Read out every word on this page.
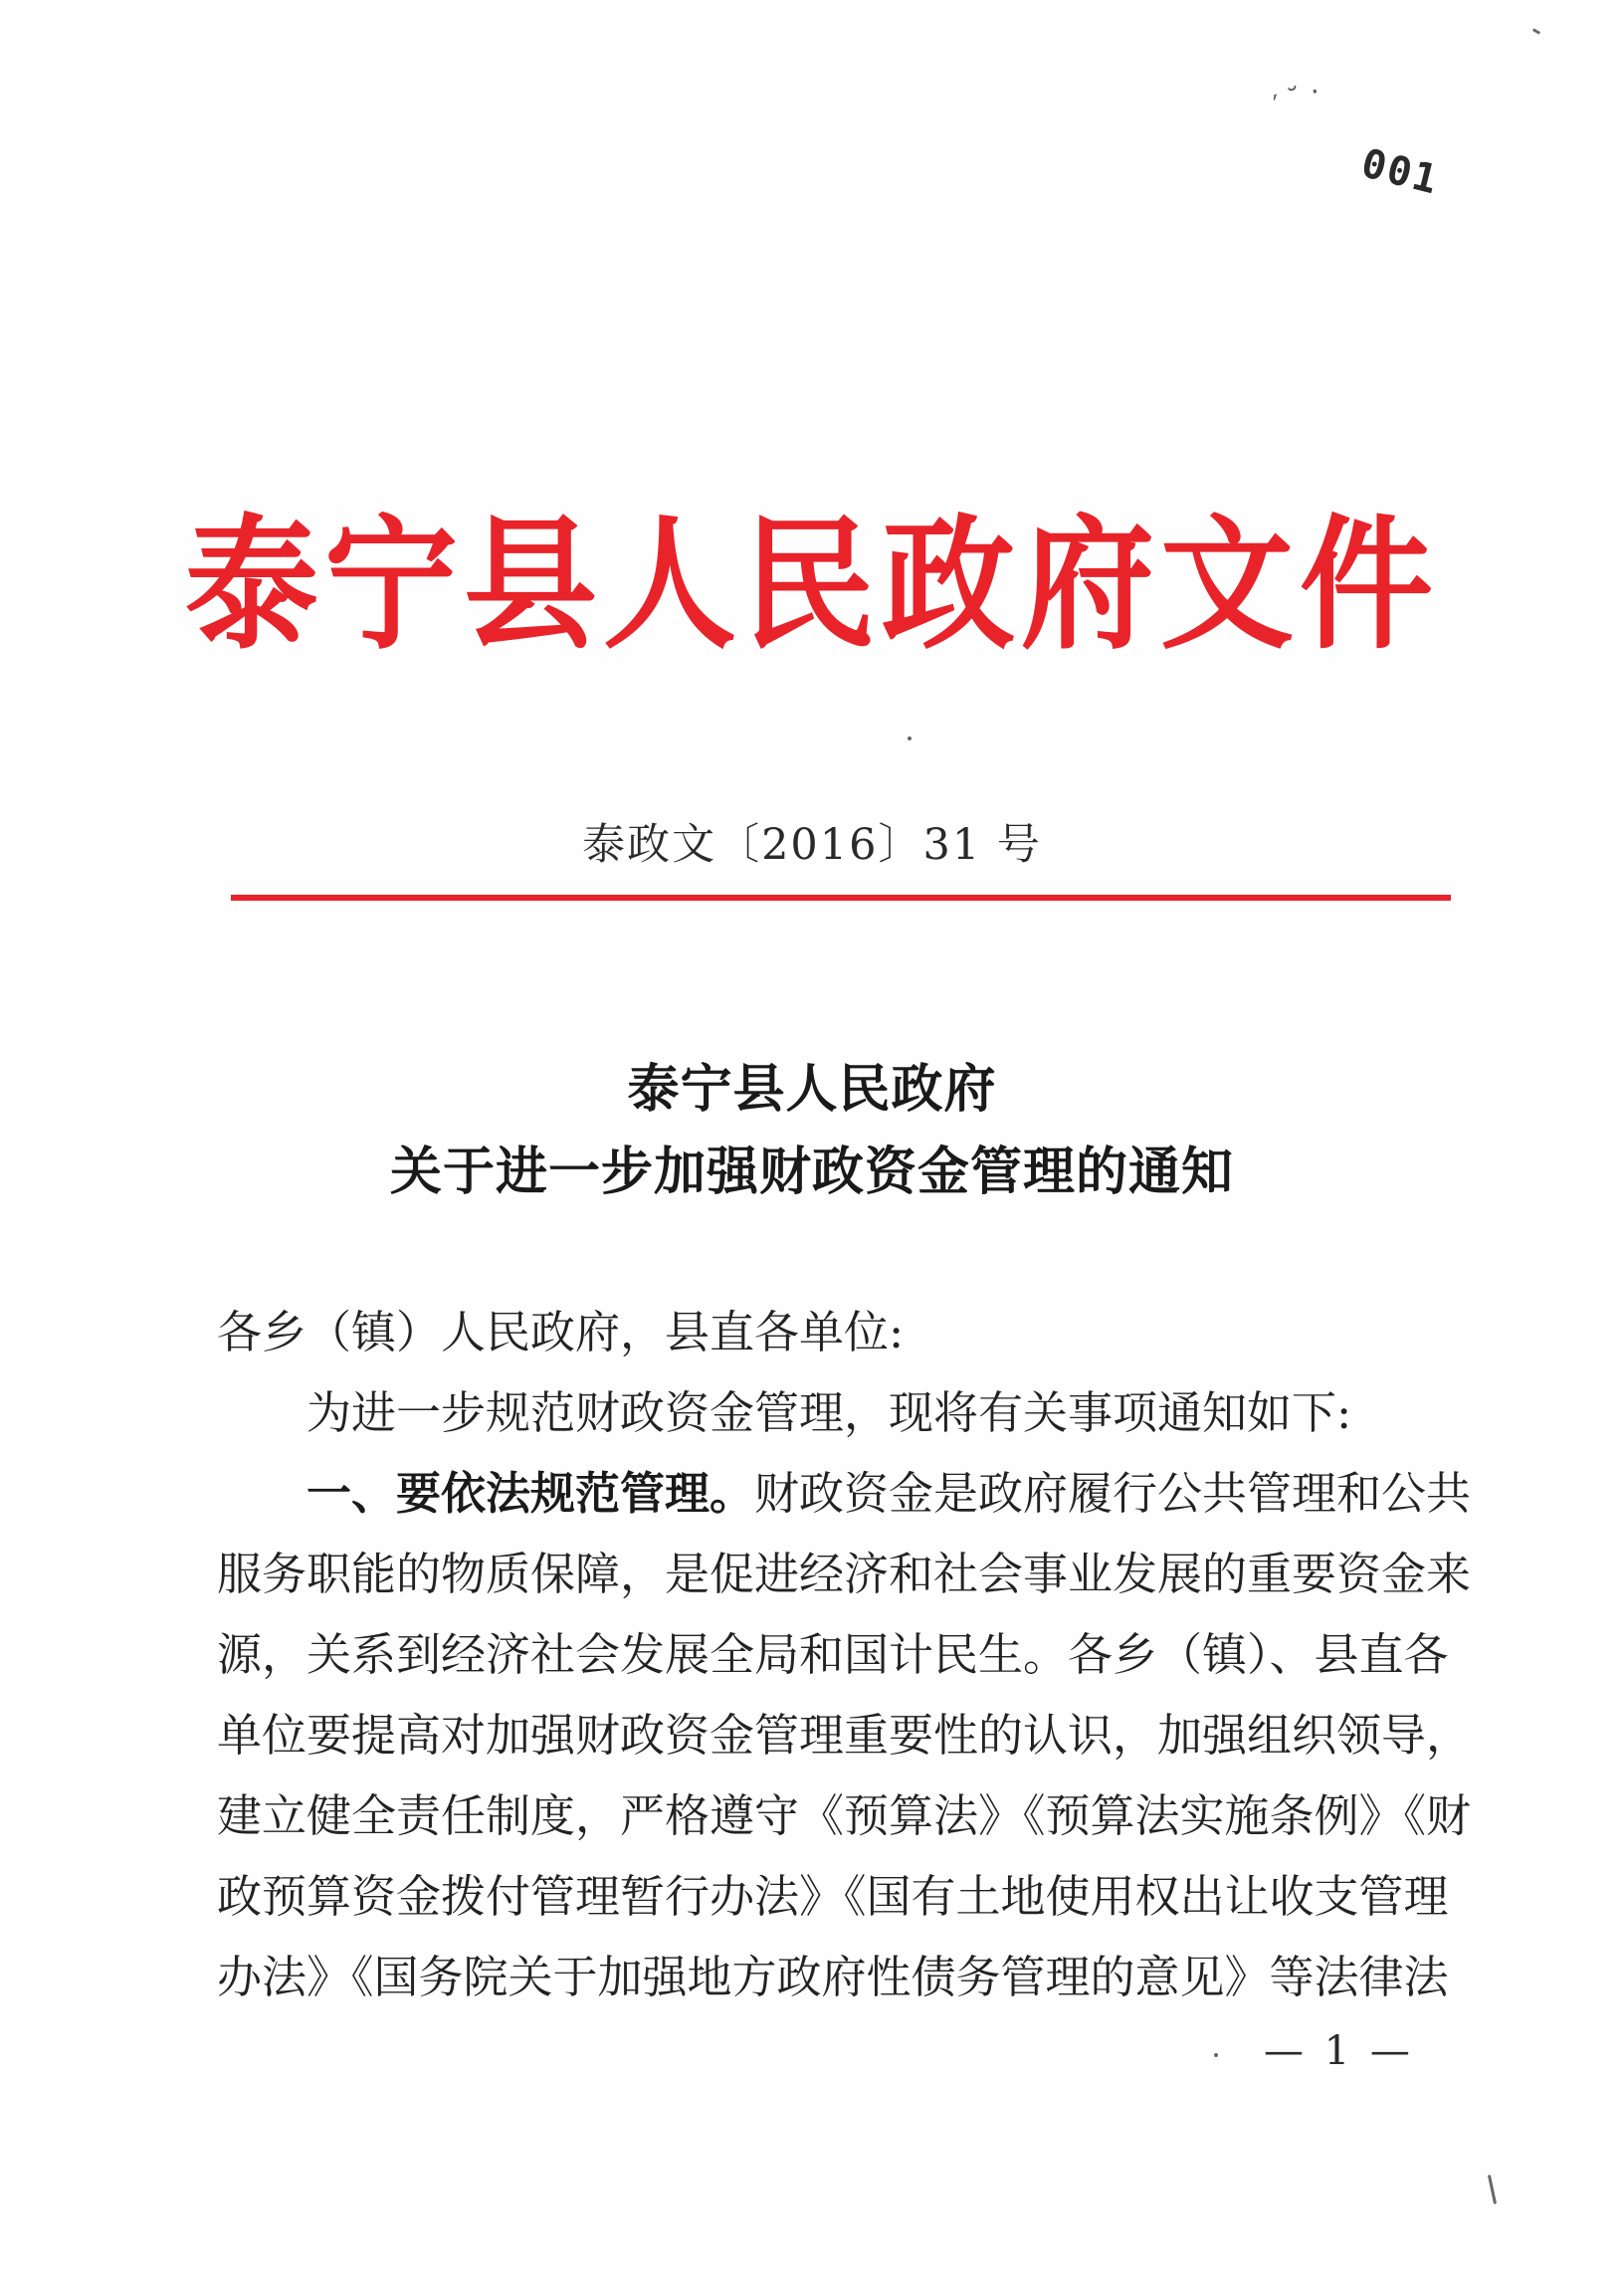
′ ˘ ·
001
泰宁县人民政府文件
泰政文〔2016〕31 号
泰宁县人民政府
关于进一步加强财政资金管理的通知
各乡（镇）人民政府，县直各单位:
为进一步规范财政资金管理，现将有关事项通知如下:
一、要依法规范管理。财政资金是政府履行公共管理和公共
服务职能的物质保障，是促进经济和社会事业发展的重要资金来
源，关系到经济社会发展全局和国计民生。各乡（镇）、县直各
单位要提高对加强财政资金管理重要性的认识，加强组织领导，
建立健全责任制度，严格遵守《预算法》《预算法实施条例》《财
政预算资金拨付管理暂行办法》《国有土地使用权出让收支管理
办法》《国务院关于加强地方政府性债务管理的意见》等法律法
— 1 —
